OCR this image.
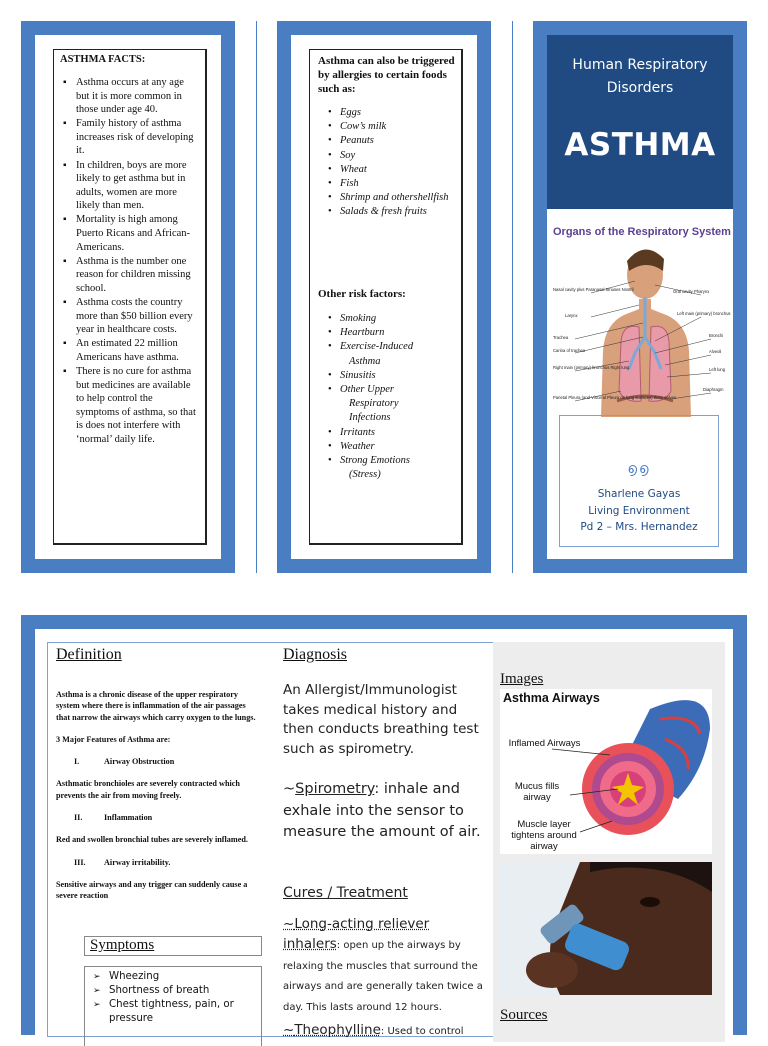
ASTHMA FACTS:
▪ Asthma occurs at any age but it is more common in those under age 40.
▪ Family history of asthma increases risk of developing it.
▪ In children, boys are more likely to get asthma but in adults, women are more likely than men.
▪ Mortality is high among Puerto Ricans and African-Americans.
▪ Asthma is the number one reason for children missing school.
▪ Asthma costs the country more than $50 billion every year in healthcare costs.
▪ An estimated 22 million Americans have asthma.
▪ There is no cure for asthma but medicines are available to help control the symptoms of asthma, so that is does not interfere with ‘normal’ daily life.
Asthma can also be triggered by allergies to certain foods such as:
• Eggs
• Cow’s milk
• Peanuts
• Soy
• Wheat
• Fish
• Shrimp and othershellfish
• Salads & fresh fruits
Other risk factors:
• Smoking
• Heartburn
• Exercise-Induced
Asthma
• Sinusitis
• Other Upper
Respiratory
Infections
• Irritants
• Weather
• Strong Emotions
(Stress)
Human Respiratory
Disorders
ASTHMA
Organs of the Respiratory System
Nasal cavity plus Paranasal Sinuses Nostril	Oral cavity Pharynx
Larynx	Left main (primary) bronchus
Trachea	Bronchi
Carina of trachea	Alveoli
Right main (primary) bronchus Right lung	Left lung
Parietal Pleura (and Visceral Pleura on lung surfaces) them selves
Diaphragm
൭൭
Sharlene Gayas
Living Environment
Pd 2 – Mrs. Hernandez
Definition

Asthma is a chronic disease of the upper respiratory system where there is inflammation of the air passages that narrow the airways which carry oxygen to the lungs.

3 Major Features of Asthma are:

I.	Airway Obstruction

Asthmatic bronchioles are severely contracted which prevents the air from moving freely.

II.	Inflammation

Red and swollen bronchial tubes are severely inflamed.

III. Airway irritability.

Sensitive airways and any trigger can suddenly cause a severe reaction

Symptoms
➢ Wheezing
➢ Shortness of breath
➢ Chest tightness, pain, or
pressure
Diagnosis
An Allergist/Immunologist takes medical history and then conducts breathing test such as spirometry.
~Spirometry: inhale and exhale into the sensor to measure the amount of air.
Cures / Treatment
~Long-acting reliever inhalers: open up the airways by relaxing the muscles that surround the airways and are generally taken twice a day. This lasts around 12 hours.
~Theophylline: Used to control
Images
Asthma Airways
Inflamed Airways
Mucus fills airway
Muscle layer tightens around airway
Sources
